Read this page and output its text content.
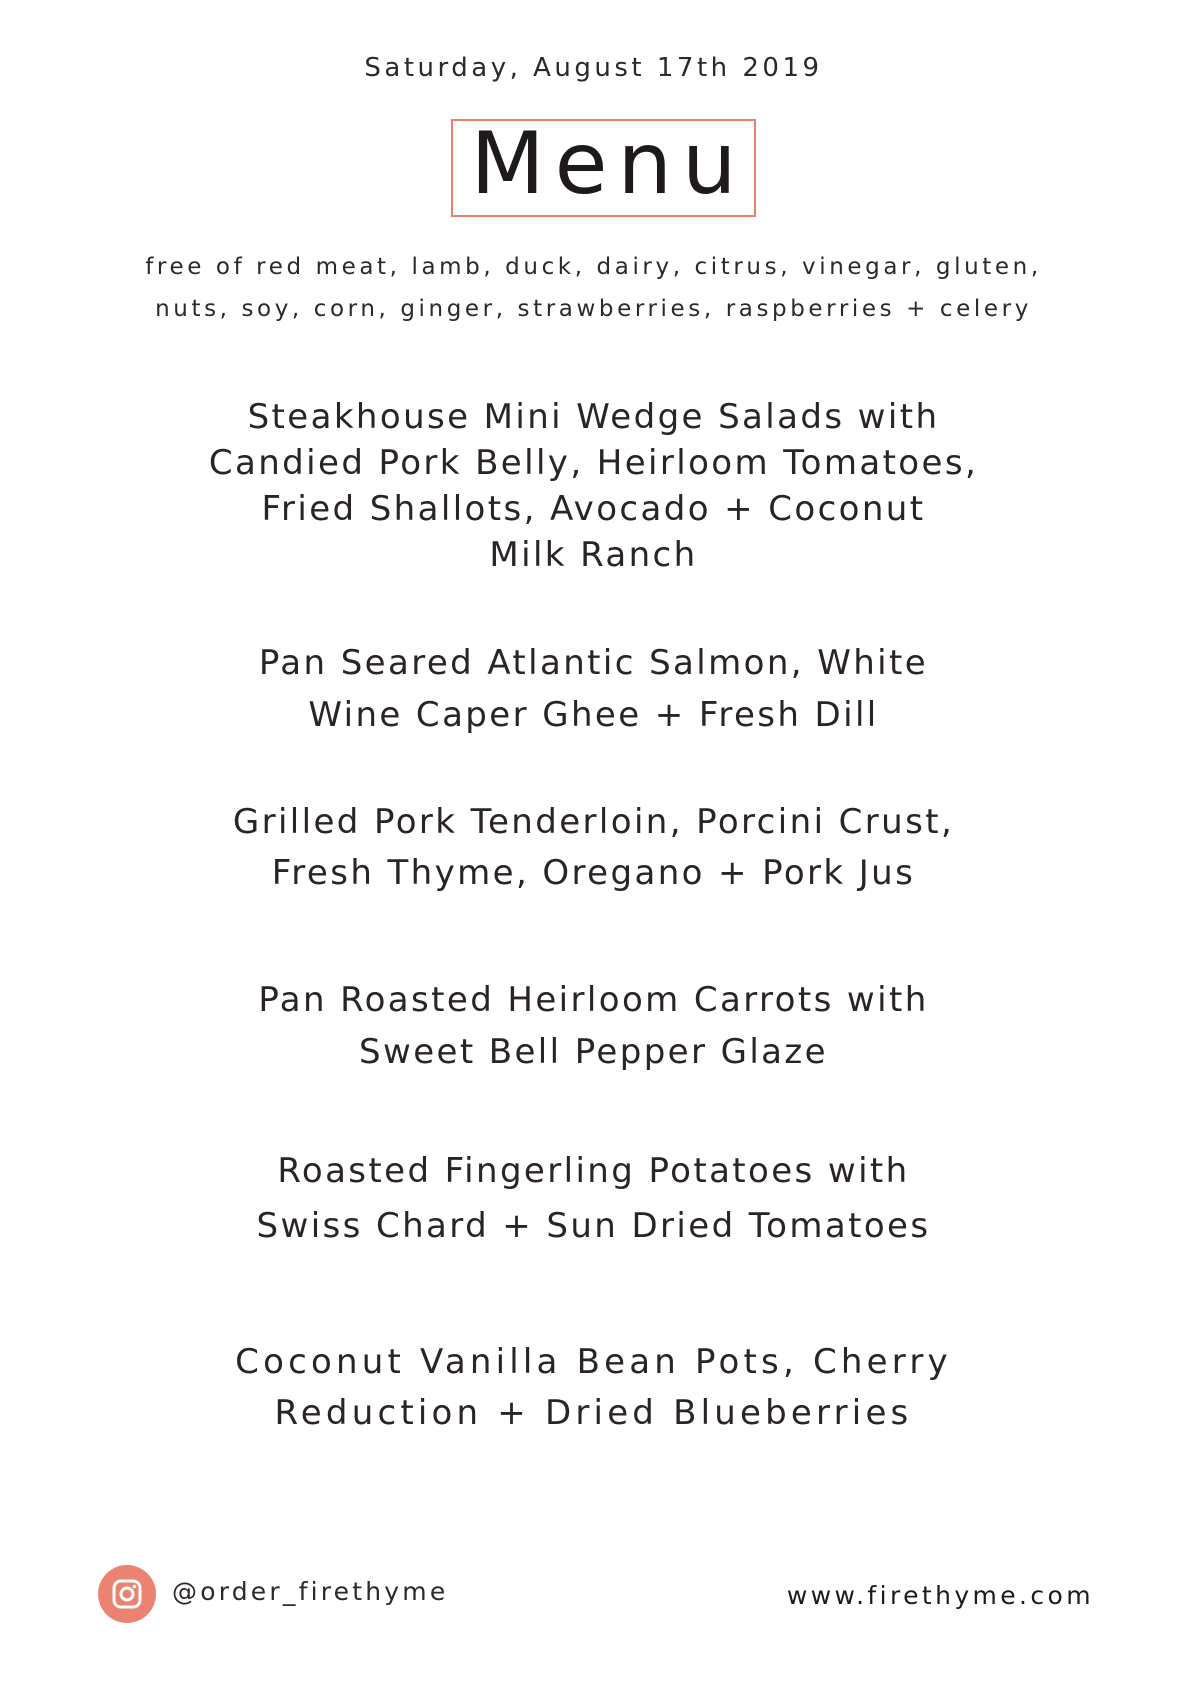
Saturday, August 17th 2019

Menu

free of red meat, lamb, duck, dairy, citrus, vinegar, gluten,
nuts, soy, corn, ginger, strawberries, raspberries + celery

Steakhouse Mini Wedge Salads with
Candied Pork Belly, Heirloom Tomatoes,
Fried Shallots, Avocado + Coconut
Milk Ranch
Pan Seared Atlantic Salmon, White
Wine Caper Ghee + Fresh Dill
Grilled Pork Tenderloin, Porcini Crust,
Fresh Thyme, Oregano + Pork Jus
Pan Roasted Heirloom Carrots with
Sweet Bell Pepper Glaze
Roasted Fingerling Potatoes with
Swiss Chard + Sun Dried Tomatoes
Coconut Vanilla Bean Pots, Cherry
Reduction + Dried Blueberries
@order_firethyme	www.firethyme.com
